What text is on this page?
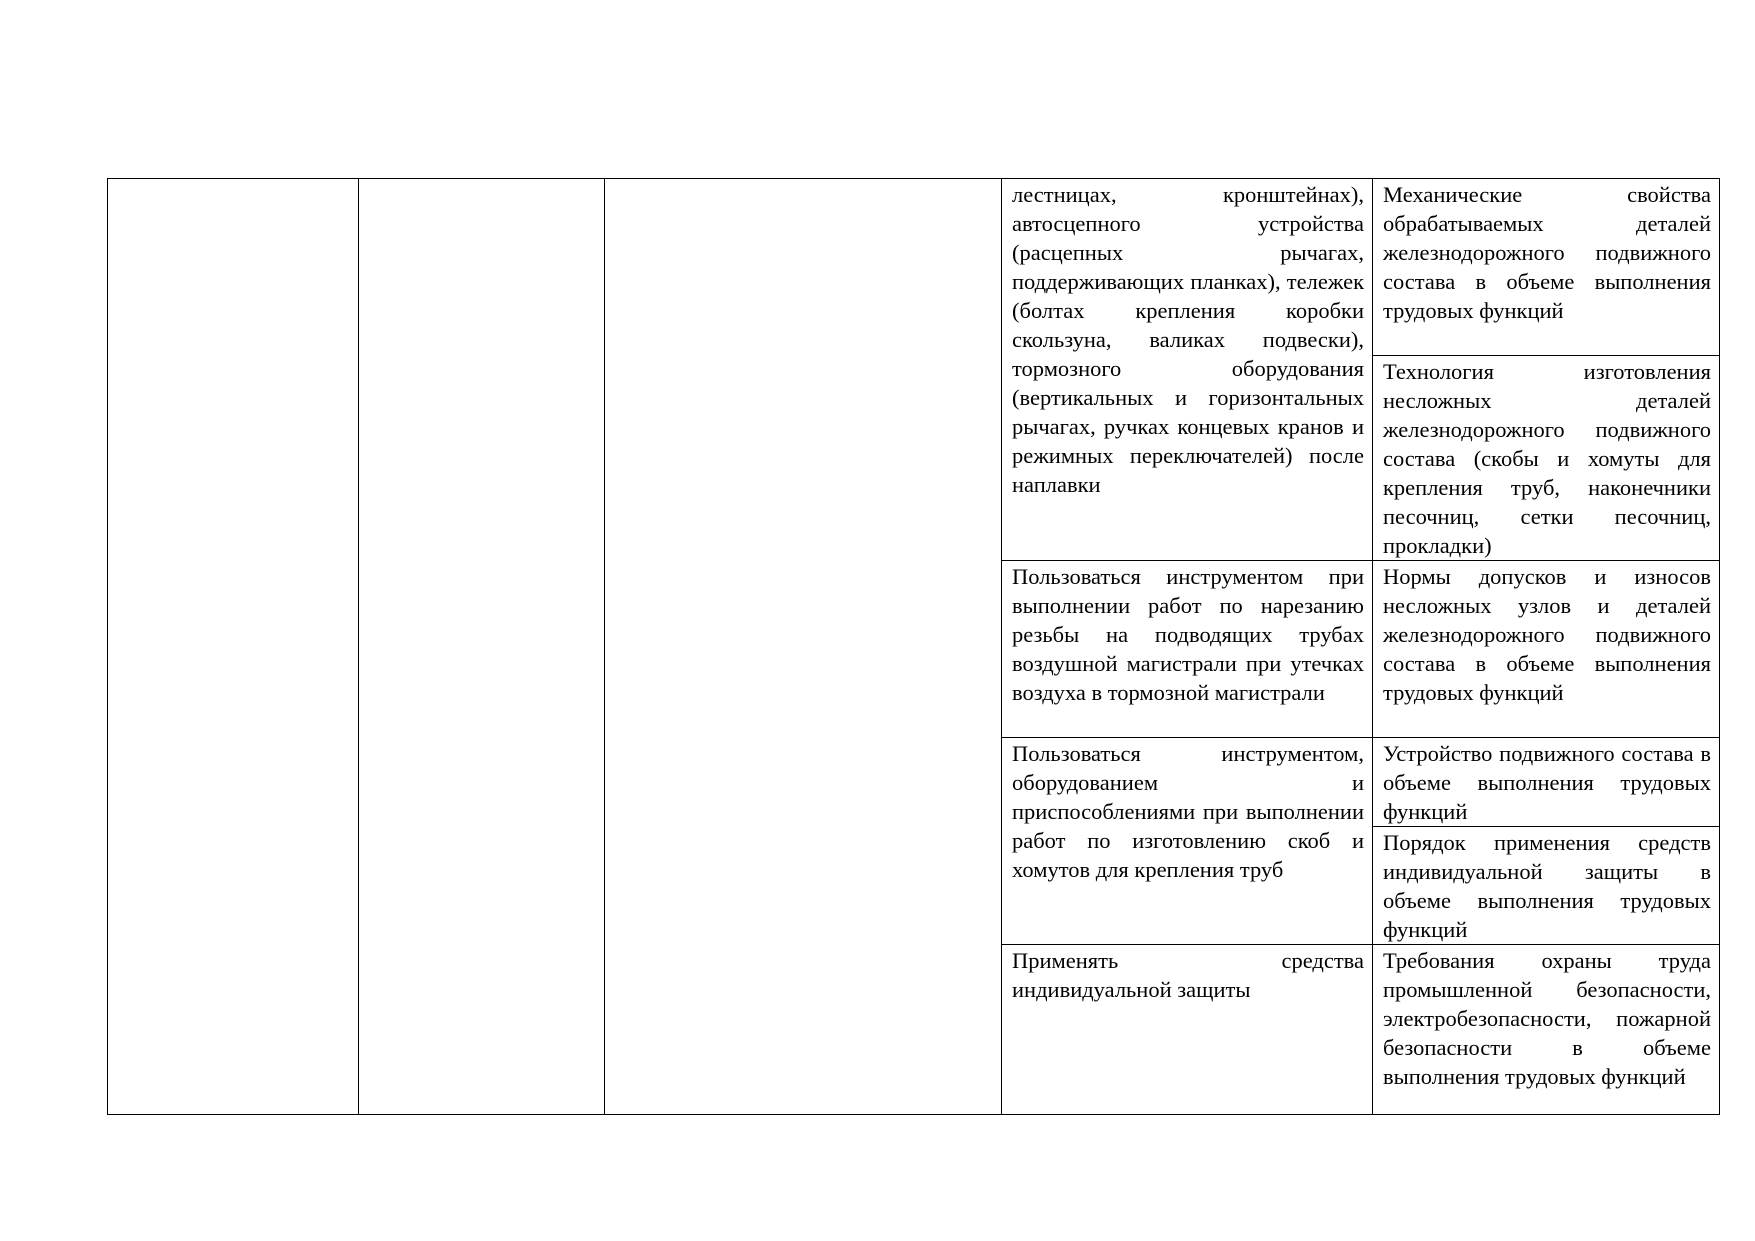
			лестницах, кронштейнах), автосцепного устройства (расцепных рычагах, поддерживающих планках), тележек (болтах крепления коробки скользуна, валиках подвески), тормозного оборудования (вертикальных и горизонтальных рычагах, ручках концевых кранов и режимных переключателей) после наплавки	Механические свойства обрабатываемых деталей железнодорожного подвижного состава в объеме выполнения трудовых функций

				Технология изготовления несложных деталей железнодорожного подвижного состава (скобы и хомуты для крепления труб, наконечники песочниц, сетки песочниц, прокладки)

			Пользоваться инструментом при выполнении работ по нарезанию резьбы на подводящих трубах воздушной магистрали при утечках воздуха в тормозной магистрали	Нормы допусков и износов несложных узлов и деталей железнодорожного подвижного состава в объеме выполнения трудовых функций

			Пользоваться инструментом, оборудованием и приспособлениями при выполнении работ по изготовлению скоб и хомутов для крепления труб	Устройство подвижного состава в объеме выполнения трудовых функций

				Порядок применения средств индивидуальной защиты в объеме выполнения трудовых функций

			Применять средства индивидуальной защиты	Требования охраны труда промышленной безопасности, электробезопасности, пожарной безопасности в объеме выполнения трудовых функций
